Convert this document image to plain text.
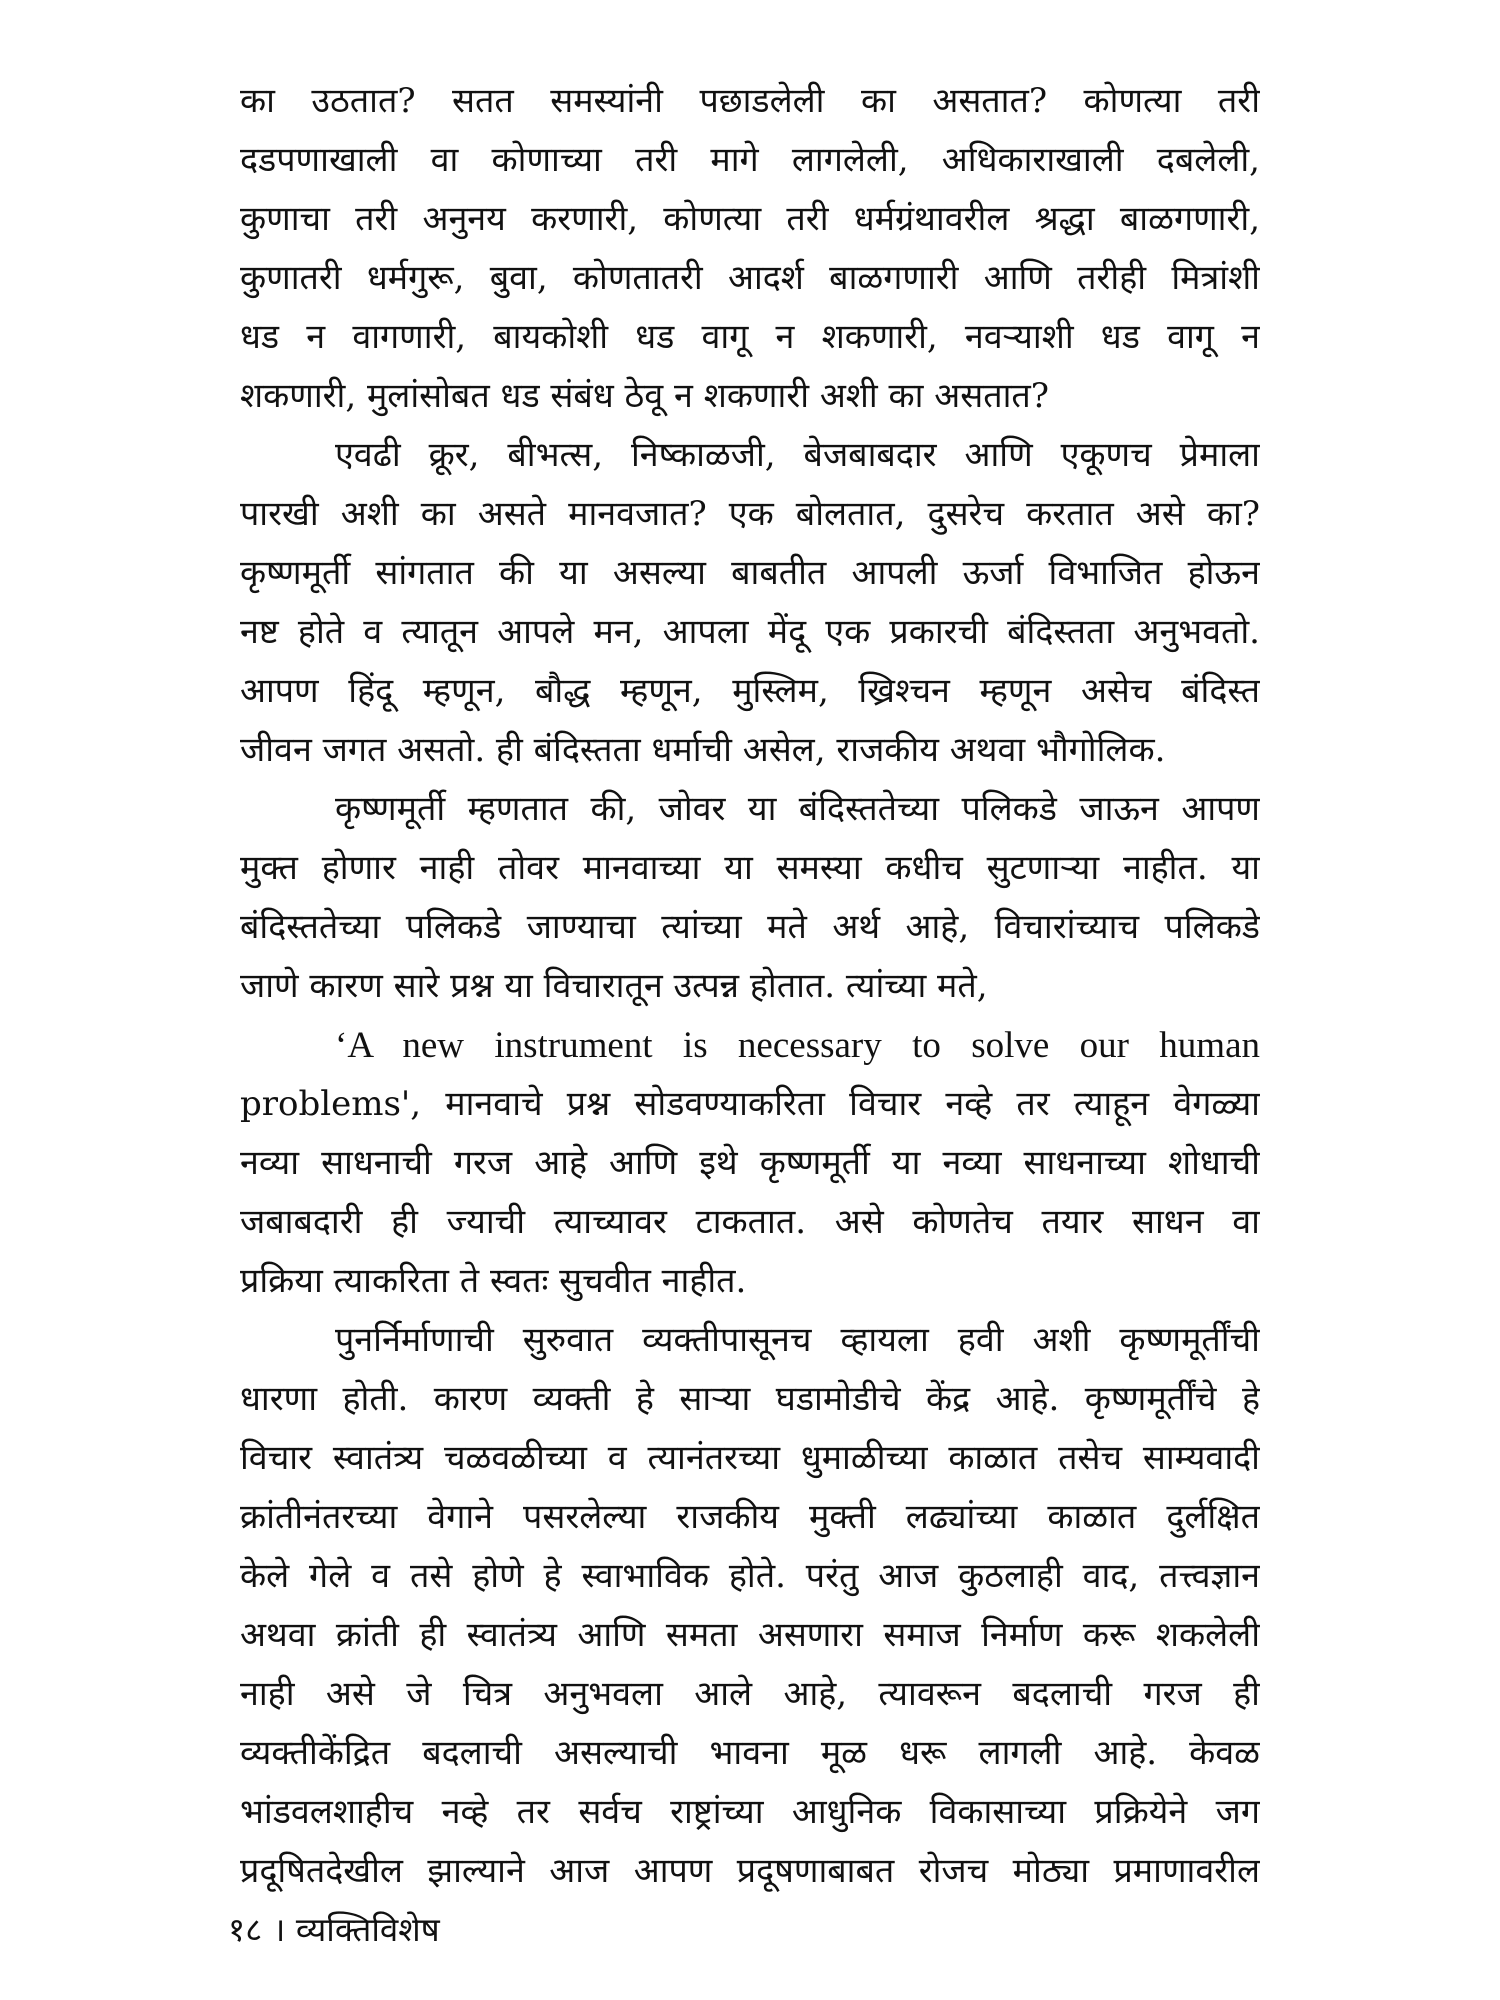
का उठतात? सतत समस्यांनी पछाडलेली का असतात? कोणत्या तरी
दडपणाखाली वा कोणाच्या तरी मागे लागलेली, अधिकाराखाली दबलेली,
कुणाचा तरी अनुनय करणारी, कोणत्या तरी धर्मग्रंथावरील श्रद्धा बाळगणारी,
कुणातरी धर्मगुरू, बुवा, कोणतातरी आदर्श बाळगणारी आणि तरीही मित्रांशी
धड न वागणारी, बायकोशी धड वागू न शकणारी, नवऱ्याशी धड वागू न
शकणारी, मुलांसोबत धड संबंध ठेवू न शकणारी अशी का असतात?
एवढी क्रूर, बीभत्स, निष्काळजी, बेजबाबदार आणि एकूणच प्रेमाला
पारखी अशी का असते मानवजात? एक बोलतात, दुसरेच करतात असे का?
कृष्णमूर्ती सांगतात की या असल्या बाबतीत आपली ऊर्जा विभाजित होऊन
नष्ट होते व त्यातून आपले मन, आपला मेंदू एक प्रकारची बंदिस्तता अनुभवतो.
आपण हिंदू म्हणून, बौद्ध म्हणून, मुस्लिम, ख्रिश्चन म्हणून असेच बंदिस्त
जीवन जगत असतो. ही बंदिस्तता धर्माची असेल, राजकीय अथवा भौगोलिक.
कृष्णमूर्ती म्हणतात की, जोवर या बंदिस्ततेच्या पलिकडे जाऊन आपण
मुक्त होणार नाही तोवर मानवाच्या या समस्या कधीच सुटणाऱ्या नाहीत. या
बंदिस्ततेच्या पलिकडे जाण्याचा त्यांच्या मते अर्थ आहे, विचारांच्याच पलिकडे
जाणे कारण सारे प्रश्न या विचारातून उत्पन्न होतात. त्यांच्या मते,
‘A new instrument is necessary to solve our human
problems', मानवाचे प्रश्न सोडवण्याकरिता विचार नव्हे तर त्याहून वेगळ्या
नव्या साधनाची गरज आहे आणि इथे कृष्णमूर्ती या नव्या साधनाच्या शोधाची
जबाबदारी ही ज्याची त्याच्यावर टाकतात. असे कोणतेच तयार साधन वा
प्रक्रिया त्याकरिता ते स्वतः सुचवीत नाहीत.
पुनर्निर्माणाची सुरुवात व्यक्तीपासूनच व्हायला हवी अशी कृष्णमूर्तींची
धारणा होती. कारण व्यक्ती हे साऱ्या घडामोडीचे केंद्र आहे. कृष्णमूर्तींचे हे
विचार स्वातंत्र्य चळवळीच्या व त्यानंतरच्या धुमाळीच्या काळात तसेच साम्यवादी
क्रांतीनंतरच्या वेगाने पसरलेल्या राजकीय मुक्ती लढ्यांच्या काळात दुर्लक्षित
केले गेले व तसे होणे हे स्वाभाविक होते. परंतु आज कुठलाही वाद, तत्त्वज्ञान
अथवा क्रांती ही स्वातंत्र्य आणि समता असणारा समाज निर्माण करू शकलेली
नाही असे जे चित्र अनुभवला आले आहे, त्यावरून बदलाची गरज ही
व्यक्तीकेंद्रित बदलाची असल्याची भावना मूळ धरू लागली आहे. केवळ
भांडवलशाहीच नव्हे तर सर्वच राष्ट्रांच्या आधुनिक विकासाच्या प्रक्रियेने जग
प्रदूषितदेखील झाल्याने आज आपण प्रदूषणाबाबत रोजच मोठ्या प्रमाणावरील
१८ । व्यक्तिविशेष
